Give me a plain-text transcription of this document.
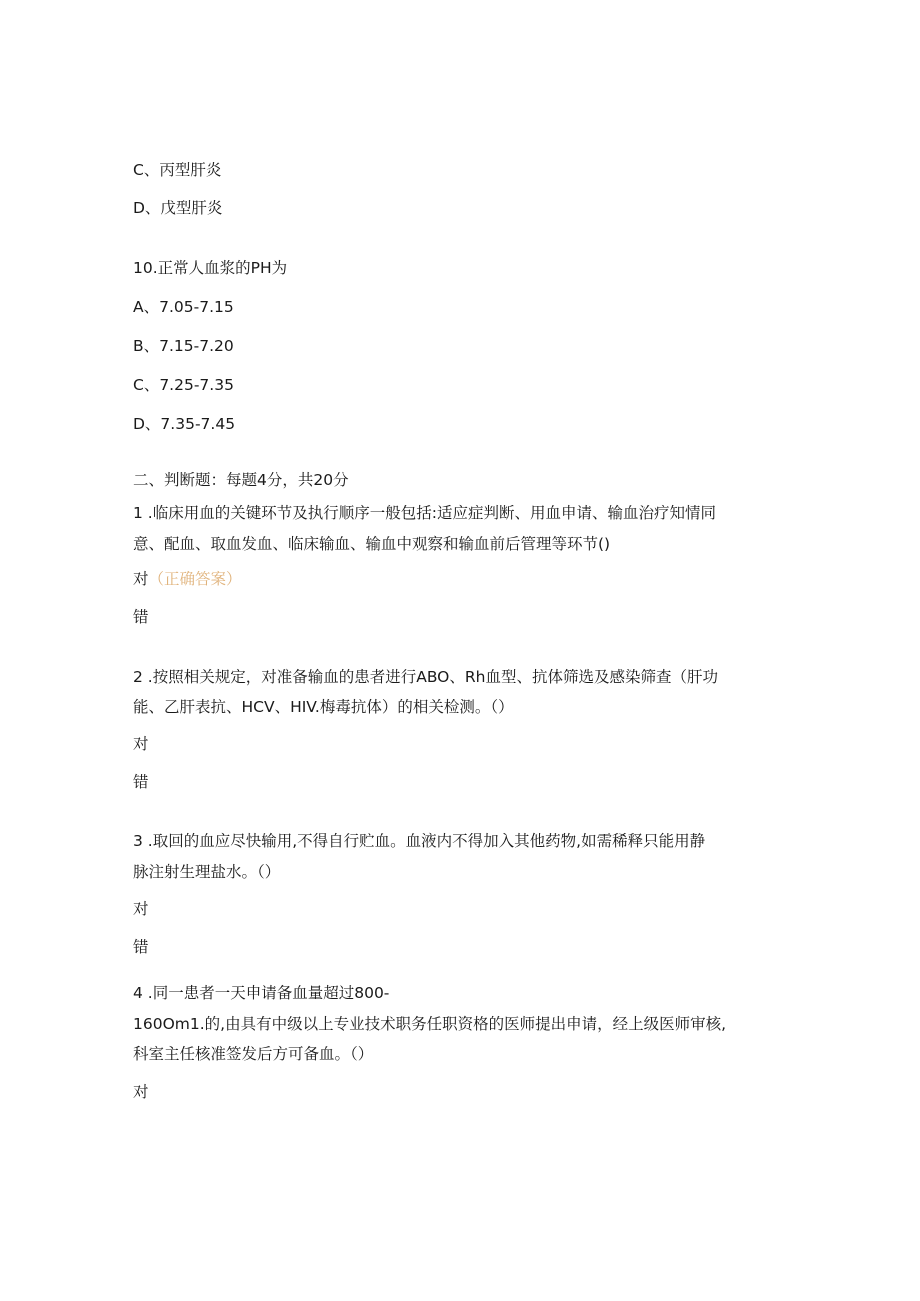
C、丙型肝炎
D、戊型肝炎
10.正常人血浆的PH为
A、7.05-7.15
B、7.15-7.20
C、7.25-7.35
D、7.35-7.45
二、判断题：每题4分，共20分
1 .临床用血的关键环节及执行顺序一般包括:适应症判断、用血申请、输血治疗知情同
意、配血、取血发血、临床输血、输血中观察和输血前后管理等环节()
对（正确答案）
错
2 .按照相关规定，对准备输血的患者进行ABO、Rh血型、抗体筛选及感染筛查（肝功
能、乙肝表抗、HCV、HIV.梅毒抗体）的相关检测。（）
对
错
3 .取回的血应尽快输用,不得自行贮血。血液内不得加入其他药物,如需稀释只能用静
脉注射生理盐水。（）
对
错
4 .同一患者一天申请备血量超过800-
160Om1.的,由具有中级以上专业技术职务任职资格的医师提出申请，经上级医师审核,
科室主任核准签发后方可备血。（）
对
